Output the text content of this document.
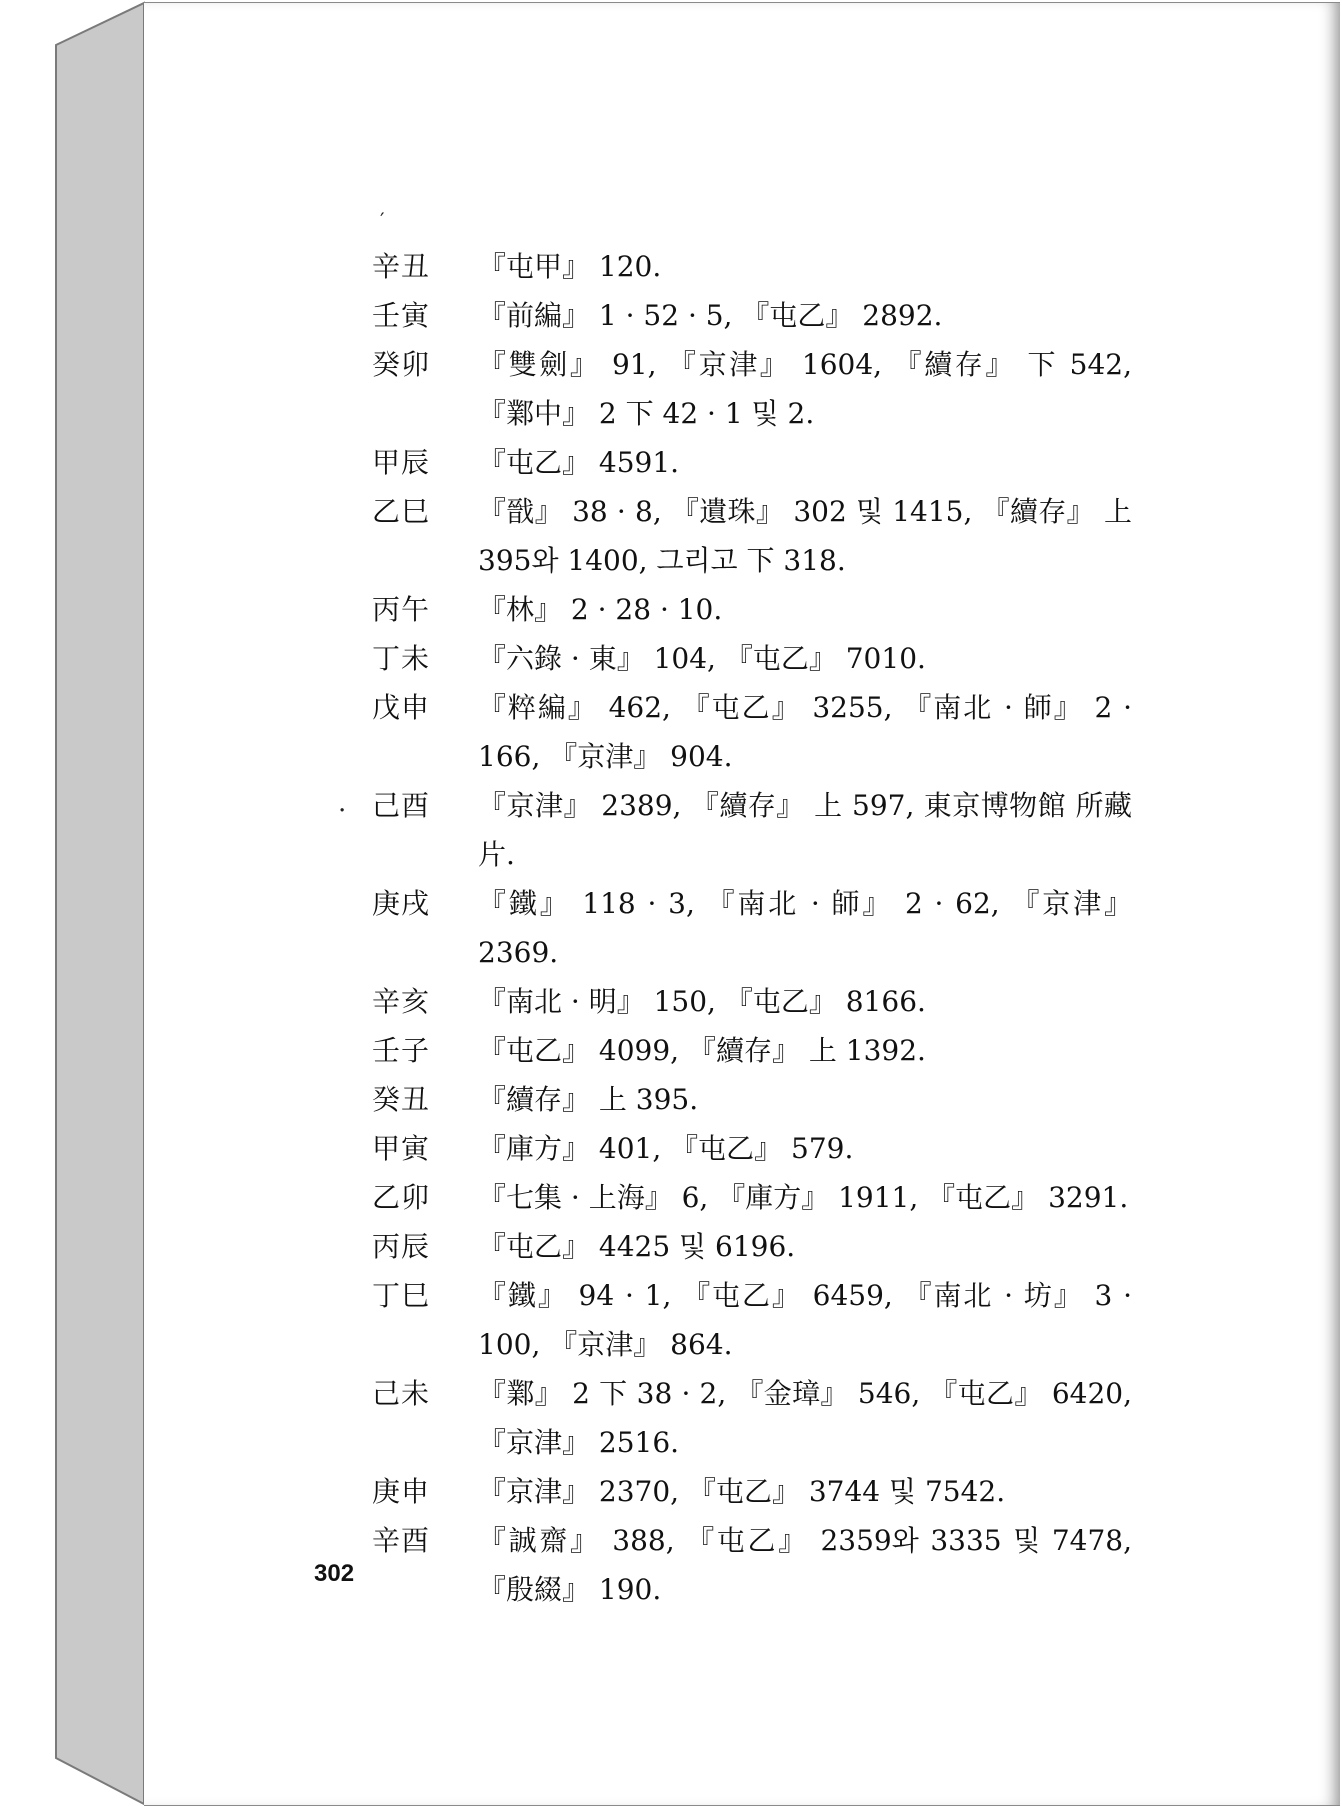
′
.
辛丑	『屯甲』 120.
壬寅	『前編』 1 · 52 · 5, 『屯乙』 2892.
癸卯	『雙劍』 91, 『京津』 1604, 『續存』 下 542, 『鄴中』 2 下 42 · 1 및 2.
甲辰	『屯乙』 4591.
乙巳	『戩』 38 · 8, 『遺珠』 302 및 1415, 『續存』 上 395와 1400, 그리고 下 318.
丙午	『林』 2 · 28 · 10.
丁未	『六錄 · 東』 104, 『屯乙』 7010.
戊申	『粹編』 462, 『屯乙』 3255, 『南北 · 師』 2 · 166, 『京津』 904.
己酉	『京津』 2389, 『續存』 上 597, 東京博物館 所藏片.
庚戌	『鐵』 118 · 3, 『南北 · 師』 2 · 62, 『京津』 2369.
辛亥	『南北 · 明』 150, 『屯乙』 8166.
壬子	『屯乙』 4099, 『續存』 上 1392.
癸丑	『續存』 上 395.
甲寅	『庫方』 401, 『屯乙』 579.
乙卯	『七集 · 上海』 6, 『庫方』 1911, 『屯乙』 3291.
丙辰	『屯乙』 4425 및 6196.
丁巳	『鐵』 94 · 1, 『屯乙』 6459, 『南北 · 坊』 3 · 100, 『京津』 864.
己未	『鄴』 2 下 38 · 2, 『金璋』 546, 『屯乙』 6420, 『京津』 2516.
庚申	『京津』 2370, 『屯乙』 3744 및 7542.
辛酉	『誠齋』 388, 『屯乙』 2359와 3335 및 7478, 『殷綴』 190.
302
